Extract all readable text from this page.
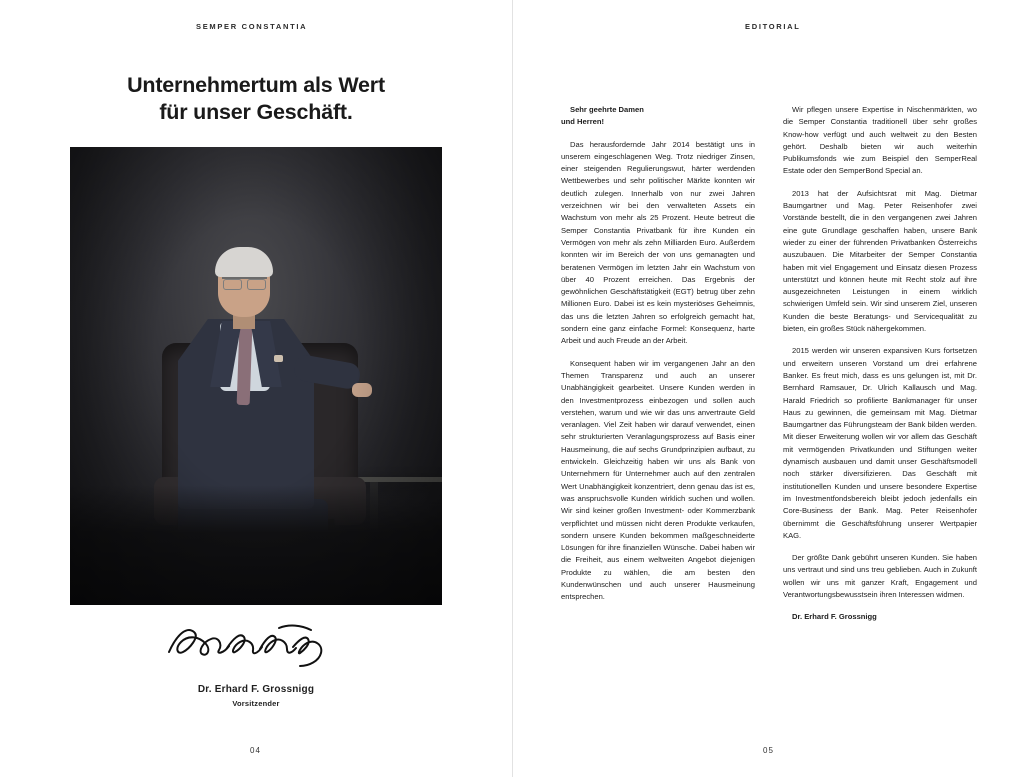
SEMPER CONSTANTIA
Unternehmertum als Wert
für unser Geschäft.
Dr. Erhard F. Grossnigg
Vorsitzender
04
EDITORIAL

Sehr geehrte Damen
und Herren!

Das herausfordernde Jahr 2014 bestätigt uns in unserem eingeschlagenen Weg. Trotz niedriger Zinsen, einer steigenden Regulierungswut, härter werdenden Wettbewerbes und sehr politischer Märkte konnten wir deutlich zulegen. Innerhalb von nur zwei Jahren verzeichnen wir bei den verwalteten Assets ein Wachstum von mehr als 25 Prozent. Heute betreut die Semper Constantia Privatbank für ihre Kunden ein Vermögen von mehr als zehn Milliarden Euro. Außerdem konnten wir im Bereich der von uns gemanagten und beratenen Vermögen im letzten Jahr ein Wachstum von über 40 Prozent erreichen. Das Ergebnis der gewöhnlichen Geschäftstätigkeit (EGT) betrug über zehn Millionen Euro. Dabei ist es kein mysteriöses Geheimnis, das uns die letzten Jahren so erfolgreich gemacht hat, sondern eine ganz einfache Formel: Konsequenz, harte Arbeit und auch Freude an der Arbeit.

Konsequent haben wir im vergangenen Jahr an den Themen Transparenz und auch an unserer Unabhängigkeit gearbeitet. Unsere Kunden werden in den Investmentprozess einbezogen und sollen auch verstehen, warum und wie wir das uns anvertraute Geld veranlagen. Viel Zeit haben wir darauf verwendet, einen sehr strukturierten Veranlagungsprozess auf Basis einer Hausmeinung, die auf sechs Grundprinzipien aufbaut, zu entwickeln. Gleichzeitig haben wir uns als Bank von Unternehmern für Unternehmer auch auf den zentralen Wert Unabhängigkeit konzentriert, denn genau das ist es, was anspruchsvolle Kunden wirklich suchen und wollen. Wir sind keiner großen Investment- oder Kommerzbank verpflichtet und müssen nicht deren Produkte verkaufen, sondern unsere Kunden bekommen maßgeschneiderte Lösungen für ihre finanziellen Wünsche. Dabei haben wir die Freiheit, aus einem weltweiten Angebot diejenigen Produkte zu wählen, die am besten den Kundenwünschen und auch unserer Hausmeinung entsprechen.

Wir pflegen unsere Expertise in Nischenmärkten, wo die Semper Constantia traditionell über sehr großes Know-how verfügt und auch weltweit zu den Besten gehört. Deshalb bieten wir auch weiterhin Publikumsfonds wie zum Beispiel den SemperReal Estate oder den SemperBond Special an.

2013 hat der Aufsichtsrat mit Mag. Dietmar Baumgartner und Mag. Peter Reisenhofer zwei Vorstände bestellt, die in den vergangenen zwei Jahren eine gute Grundlage geschaffen haben, unsere Bank wieder zu einer der führenden Privatbanken Österreichs auszubauen. Die Mitarbeiter der Semper Constantia haben mit viel Engagement und Einsatz diesen Prozess unterstützt und können heute mit Recht stolz auf ihre ausgezeichneten Leistungen in einem wirklich schwierigen Umfeld sein. Wir sind unserem Ziel, unseren Kunden die beste Beratungs- und Servicequalität zu bieten, ein großes Stück nähergekommen.

2015 werden wir unseren expansiven Kurs fortsetzen und erweitern unseren Vorstand um drei erfahrene Banker. Es freut mich, dass es uns gelungen ist, mit Dr. Bernhard Ramsauer, Dr. Ulrich Kallausch und Mag. Harald Friedrich so profilierte Bankmanager für unser Haus zu gewinnen, die gemeinsam mit Mag. Dietmar Baumgartner das Führungsteam der Bank bilden werden. Mit dieser Erweiterung wollen wir vor allem das Geschäft mit vermögenden Privatkunden und Stiftungen weiter dynamisch ausbauen und damit unser Geschäftsmodell noch stärker diversifizieren. Das Geschäft mit institutionellen Kunden und unsere besondere Expertise im Investmentfondsbereich bleibt jedoch jedenfalls ein Core-Business der Bank. Mag. Peter Reisenhofer übernimmt die Geschäftsführung unserer Wertpapier KAG.

Der größte Dank gebührt unseren Kunden. Sie haben uns vertraut und sind uns treu geblieben. Auch in Zukunft wollen wir uns mit ganzer Kraft, Engagement und Verantwortungsbewusstsein ihren Interessen widmen.

Dr. Erhard F. Grossnigg

05
